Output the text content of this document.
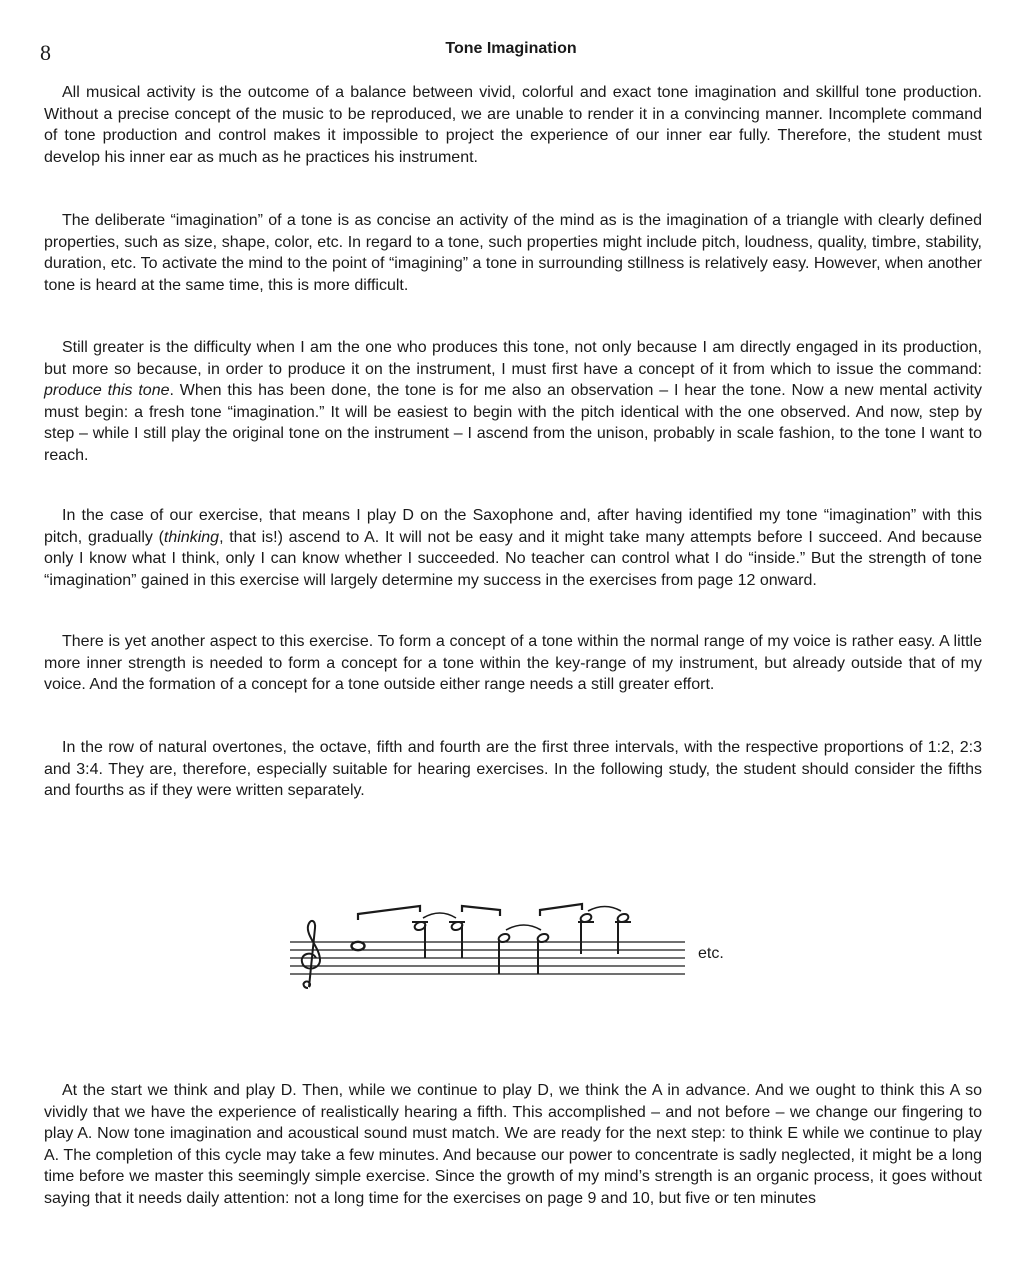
8	Tone Imagination

All musical activity is the outcome of a balance between vivid, colorful and exact tone imagination and skillful tone production. Without a precise concept of the music to be reproduced, we are unable to render it in a convincing manner. Incomplete command of tone production and control makes it impossible to project the experience of our inner ear fully. Therefore, the student must develop his inner ear as much as he practices his instrument.

The deliberate “imagination” of a tone is as concise an activity of the mind as is the imagination of a triangle with clearly defined properties, such as size, shape, color, etc. In regard to a tone, such properties might include pitch, loudness, quality, timbre, stability, duration, etc. To activate the mind to the point of “imagining” a tone in surrounding stillness is relatively easy. However, when another tone is heard at the same time, this is more difficult.

Still greater is the difficulty when I am the one who produces this tone, not only because I am directly engaged in its production, but more so because, in order to produce it on the instrument, I must first have a concept of it from which to issue the command: produce this tone. When this has been done, the tone is for me also an observation – I hear the tone. Now a new mental activity must begin: a fresh tone “imagination.” It will be easiest to begin with the pitch identical with the one observed. And now, step by step – while I still play the original tone on the instrument – I ascend from the unison, probably in scale fashion, to the tone I want to reach.

In the case of our exercise, that means I play D on the Saxophone and, after having identified my tone “imagination” with this pitch, gradually (thinking, that is!) ascend to A. It will not be easy and it might take many attempts before I succeed. And because only I know what I think, only I can know whether I succeeded. No teacher can control what I do “inside.” But the strength of tone “imagination” gained in this exercise will largely determine my success in the exercises from page 12 onward.

There is yet another aspect to this exercise. To form a concept of a tone within the normal range of my voice is rather easy. A little more inner strength is needed to form a concept for a tone within the key-range of my instrument, but already outside that of my voice. And the formation of a concept for a tone outside either range needs a still greater effort.

In the row of natural overtones, the octave, fifth and fourth are the first three intervals, with the respective proportions of 1:2, 2:3 and 3:4. They are, therefore, especially suitable for hearing exercises. In the following study, the student should consider the fifths and fourths as if they were written separately.

etc.

At the start we think and play D. Then, while we continue to play D, we think the A in advance. And we ought to think this A so vividly that we have the experience of realistically hearing a fifth. This accomplished – and not before – we change our fingering to play A. Now tone imagination and acoustical sound must match. We are ready for the next step: to think E while we continue to play A. The completion of this cycle may take a few minutes. And because our power to concentrate is sadly neglected, it might be a long time before we master this seemingly simple exercise. Since the growth of my mind’s strength is an organic process, it goes without saying that it needs daily attention: not a long time for the exercises on page 9 and 10, but five or ten minutes
